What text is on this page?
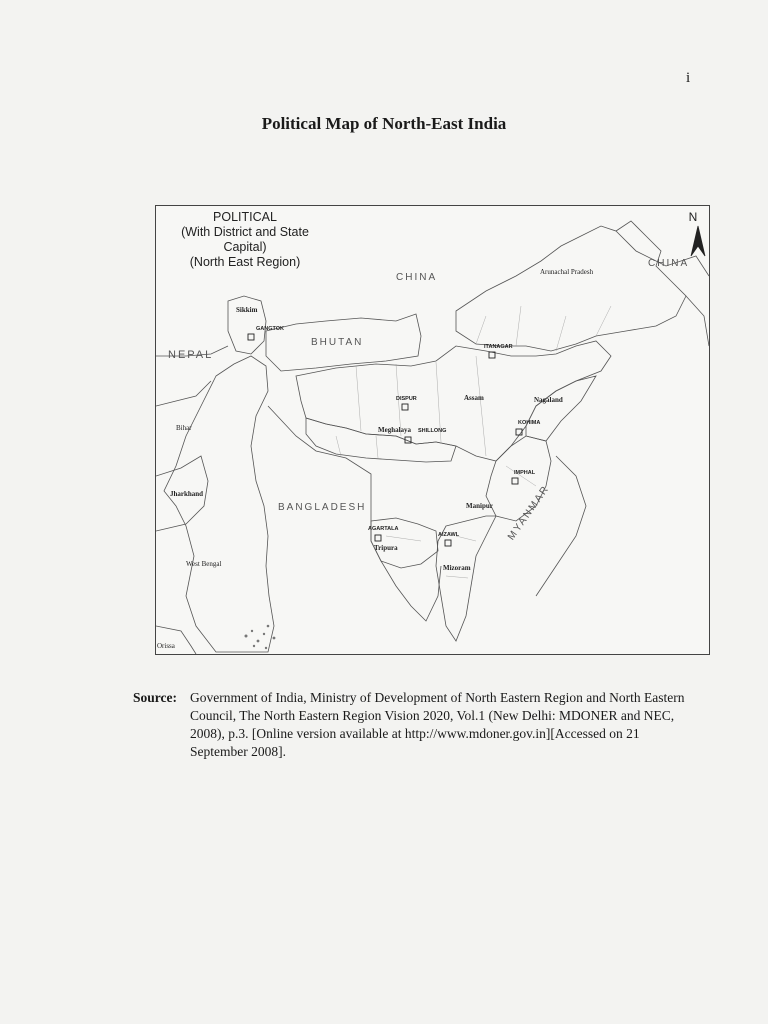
i
Political Map of North-East India
POLITICAL
(With District and State Capital)
(North East Region)
N
CHINA
CHINA
BHUTAN
NEPAL
BANGLADESH	MYANMAR
Sikkim
Arunachal Pradesh
Assam
Meghalaya
Nagaland
Manipur
Tripura
Mizoram
Bihar
Jharkhand
West Bengal
Orissa
GANGTOK
ITANAGAR
DISPUR
SHILLONG
KOHIMA
IMPHAL
AGARTALA
AIZAWL
Source: Government of India, Ministry of Development of North Eastern Region and North Eastern Council, The North Eastern Region Vision 2020, Vol.1 (New Delhi: MDONER and NEC, 2008), p.3. [Online version available at http://www.mdoner.gov.in][Accessed on 21 September 2008].
